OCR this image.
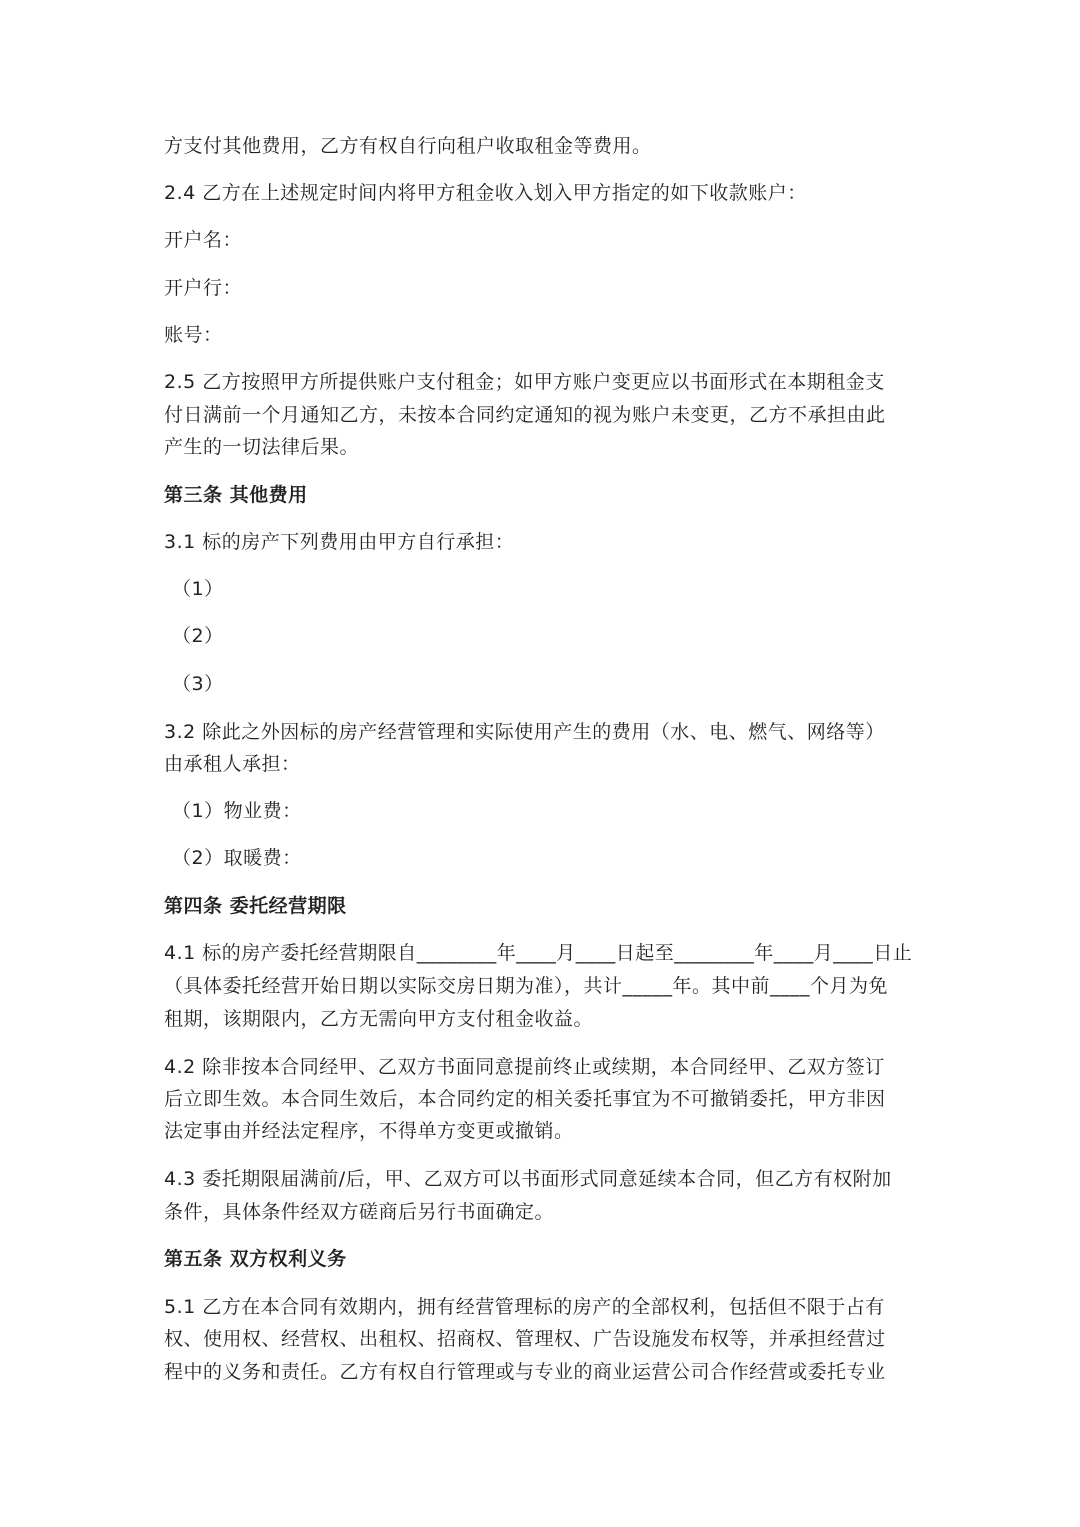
方支付其他费用，乙方有权自行向租户收取租金等费用。
2.4 乙方在上述规定时间内将甲方租金收入划入甲方指定的如下收款账户：
开户名：
开户行：
账号：
2.5 乙方按照甲方所提供账户支付租金；如甲方账户变更应以书面形式在本期租金支
付日满前一个月通知乙方，未按本合同约定通知的视为账户未变更，乙方不承担由此
产生的一切法律后果。
第三条 其他费用
3.1 标的房产下列费用由甲方自行承担：
（1）
（2）
（3）
3.2 除此之外因标的房产经营管理和实际使用产生的费用（水、电、燃气、网络等）
由承租人承担：
（1）物业费：
（2）取暖费：
第四条 委托经营期限
4.1 标的房产委托经营期限自________年____月____日起至________年____月____日止
（具体委托经营开始日期以实际交房日期为准），共计_____年。其中前____个月为免
租期，该期限内，乙方无需向甲方支付租金收益。
4.2 除非按本合同经甲、乙双方书面同意提前终止或续期，本合同经甲、乙双方签订
后立即生效。本合同生效后，本合同约定的相关委托事宜为不可撤销委托，甲方非因
法定事由并经法定程序，不得单方变更或撤销。
4.3 委托期限届满前/后，甲、乙双方可以书面形式同意延续本合同，但乙方有权附加
条件，具体条件经双方磋商后另行书面确定。
第五条 双方权利义务
5.1 乙方在本合同有效期内，拥有经营管理标的房产的全部权利，包括但不限于占有
权、使用权、经营权、出租权、招商权、管理权、广告设施发布权等，并承担经营过
程中的义务和责任。乙方有权自行管理或与专业的商业运营公司合作经营或委托专业
